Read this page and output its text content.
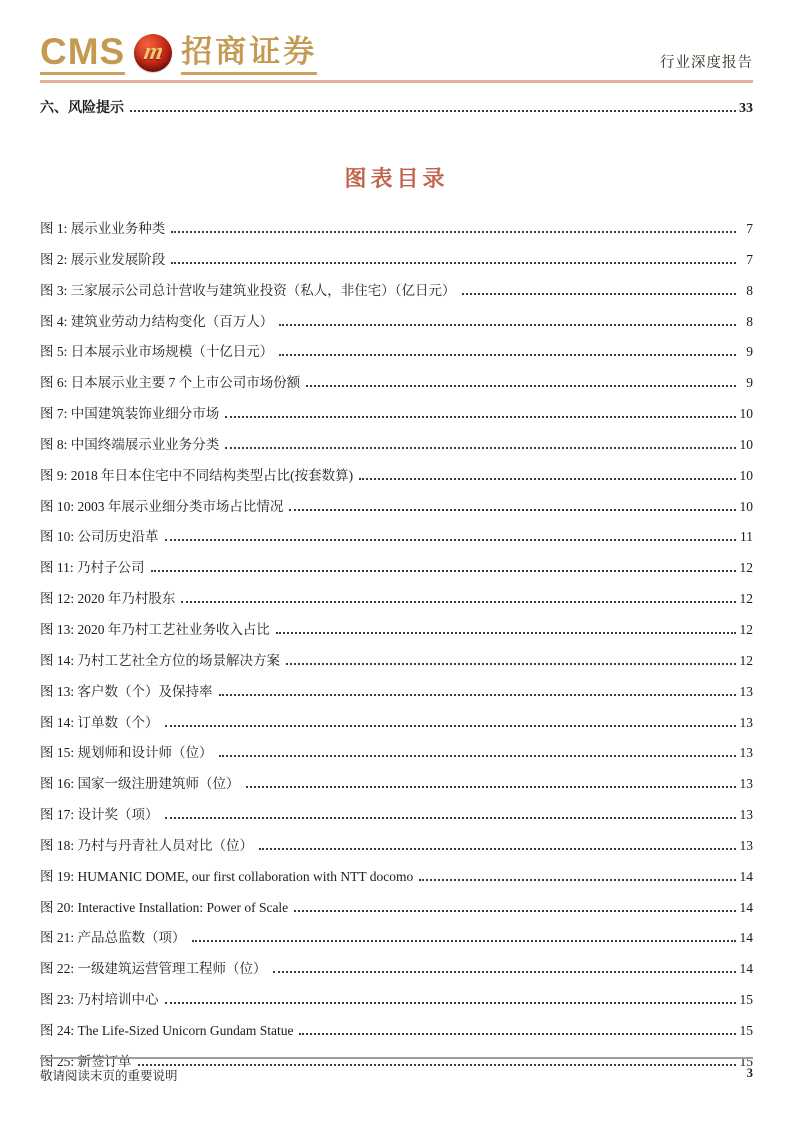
CMS m 招商证券	行业深度报告
六、风险提示	33
图表目录
图 1: 展示业业务种类	7
图 2: 展示业发展阶段	7
图 3: 三家展示公司总计营收与建筑业投资（私人，非住宅）（亿日元）	8
图 4: 建筑业劳动力结构变化（百万人）	8
图 5: 日本展示业市场规模（十亿日元）	9
图 6: 日本展示业主要 7 个上市公司市场份额	9
图 7: 中国建筑装饰业细分市场	10
图 8: 中国终端展示业业务分类	10
图 9: 2018 年日本住宅中不同结构类型占比(按套数算)	10
图 10: 2003 年展示业细分类市场占比情况	10
图 10: 公司历史沿革	11
图 11: 乃村子公司	12
图 12: 2020 年乃村股东	12
图 13: 2020 年乃村工艺社业务收入占比	12
图 14: 乃村工艺社全方位的场景解决方案	12
图 13: 客户数（个）及保持率	13
图 14: 订单数（个）	13
图 15: 规划师和设计师（位）	13
图 16: 国家一级注册建筑师（位）	13
图 17: 设计奖（项）	13
图 18: 乃村与丹青社人员对比（位）	13
图 19: HUMANIC DOME, our first collaboration with NTT docomo	14
图 20: Interactive Installation: Power of Scale	14
图 21: 产品总监数（项）	14
图 22: 一级建筑运营管理工程师（位）	14
图 23: 乃村培训中心	15
图 24: The Life-Sized Unicorn Gundam Statue	15
图 25: 新签订单	15
敬请阅读末页的重要说明	3
